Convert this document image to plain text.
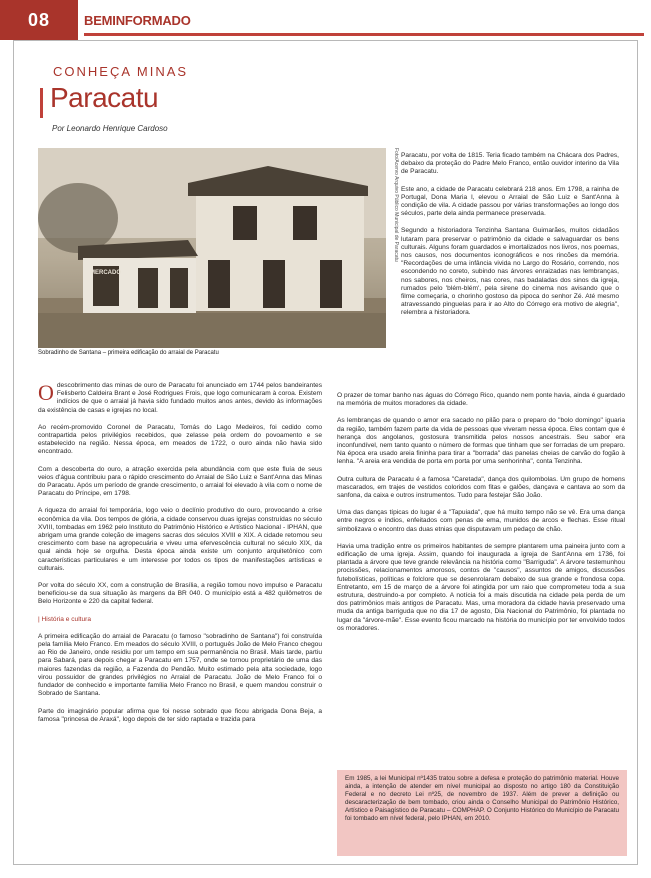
08	BEMINFORMADO
CONHEÇA MINAS
Paracatu
Por Leonardo Henrique Cardoso
MERCADO
Foto/Acervo Arquivo Público Municipal de Paracatu
Sobradinho de Santana – primeira edificação do arraial de Paracatu

Odescobrimento das minas de ouro de Paracatu foi anunciado em 1744 pelos bandeirantes Felisberto Caldeira Brant e José Rodrigues Frois, que logo comunicaram à coroa. Existem indícios de que o arraial já havia sido fundado muitos anos antes, devido às informações da existência de casas e igrejas no local.

Ao recém-promovido Coronel de Paracatu, Tomás do Lago Medeiros, foi cedido como contrapartida pelos privilégios recebidos, que zelasse pela ordem do povoamento e se estabelecido na região. Nessa época, em meados de 1722, o ouro ainda não havia sido encontrado.

Com a descoberta do ouro, a atração exercida pela abundância com que este fluía de seus veios d'água contribuiu para o rápido crescimento do Arraial de São Luiz e Sant'Anna das Minas do Paracatu. Após um período de grande crescimento, o arraial foi elevado à vila com o nome de Paracatu do Príncipe, em 1798.

A riqueza do arraial foi temporária, logo veio o declínio produtivo do ouro, provocando a crise econômica da vila. Dos tempos de glória, a cidade conservou duas igrejas construídas no século XVIII, tombadas em 1962 pelo Instituto do Patrimônio Histórico e Artístico Nacional - IPHAN, que abrigam uma grande coleção de imagens sacras dos séculos XVIII e XIX. A cidade retomou seu crescimento com base na agropecuária e viveu uma efervescência cultural no século XIX, da qual ainda hoje se orgulha. Desta época ainda existe um conjunto arquitetônico com características particulares e um interesse por todos os tipos de manifestações artísticas e culturais.

Por volta do século XX, com a construção de Brasília, a região tomou novo impulso e Paracatu beneficiou-se da sua situação às margens da BR 040. O município está a 482 quilômetros de Belo Horizonte e 220 da capital federal.

| História e cultura

A primeira edificação do arraial de Paracatu (o famoso "sobradinho de Santana") foi construída pela família Melo Franco. Em meados do século XVIII, o português João de Melo Franco chegou ao Rio de Janeiro, onde residiu por um tempo em sua permanência no Brasil. Mais tarde, partiu para Sabará, para depois chegar a Paracatu em 1757, onde se tornou proprietário de uma das maiores fazendas da região, a Fazenda do Pendão. Muito estimado pela alta sociedade, logo virou possuidor de grandes privilégios no Arraial de Paracatu. João de Melo Franco foi o fundador de conhecido e importante família Melo Franco no Brasil, e quem mandou construir o Sobrado de Santana.

Parte do imaginário popular afirma que foi nesse sobrado que ficou abrigada Dona Beja, a famosa "princesa de Araxá", logo depois de ter sido raptada e trazida para

Paracatu, por volta de 1815. Teria ficado também na Chácara dos Padres, debaixo da proteção do Padre Melo Franco, então ouvidor interino da Vila de Paracatu.

Este ano, a cidade de Paracatu celebrará 218 anos. Em 1798, a rainha de Portugal, Dona Maria I, elevou o Arraial de São Luiz e Sant'Anna à condição de vila. A cidade passou por várias transformações ao longo dos séculos, parte dela ainda permanece preservada.

Segundo a historiadora Tenzinha Santana Guimarães, muitos cidadãos lutaram para preservar o patrimônio da cidade e salvaguardar os bens culturais. Alguns foram guardados e imortalizados nos livros, nos poemas, nos causos, nos documentos iconográficos e nos rincões da memória. "Recordações de uma infância vivida no Largo do Rosário, correndo, nos escondendo no coreto, subindo nas árvores enraizadas nas lembranças, nos sabores, nos cheiros, nas cores, nas badaladas dos sinos da igreja, rumados pelo 'blém-blém', pela sirene do cinema nos avisando que o filme começaria, o chorinho gostoso da pipoca do senhor Zé. Até mesmo atravessando pinguelas para ir ao Alto do Córrego era motivo de alegria", relembra a historiadora.

O prazer de tomar banho nas águas do Córrego Rico, quando nem ponte havia, ainda é guardado na memória de muitos moradores da cidade.

As lembranças de quando o amor era sacado no pilão para o preparo do "bolo domingo" iguaria da região, também fazem parte da vida de pessoas que viveram nessa época. Eles contam que é herança dos angolanos, gostosura transmitida pelos nossos ancestrais. Seu sabor era inconfundível, nem tanto quanto o número de formas que tinham que ser forradas de um preparo. Na época era usado areia fininha para tirar a "borrada" das panelas cheias de carvão do fogão à lenha. "A areia era vendida de porta em porta por uma senhorinha", conta Tenzinha.

Outra cultura de Paracatu é a famosa "Caretada", dança dos quilombolas. Um grupo de homens mascarados, em trajes de vestidos coloridos com fitas e galões, dançava e cantava ao som da sanfona, da caixa e outros instrumentos. Tudo para festejar São João.

Uma das danças típicas do lugar é a "Tapuiada", que há muito tempo não se vê. Era uma dança entre negros e índios, enfeitados com penas de ema, munidos de arcos e flechas. Esse ritual simbolizava o encontro das duas etnias que disputavam um pedaço de chão.

Havia uma tradição entre os primeiros habitantes de sempre plantarem uma paineira junto com a edificação de uma igreja. Assim, quando foi inaugurada a igreja de Sant'Anna em 1736, foi plantada a árvore que teve grande relevância na história como "Barriguda". A árvore testemunhou procissões, relacionamentos amorosos, contos de "causos", assuntos de amigos, discussões futebolísticas, políticas e folclore que se desenrolaram debaixo de sua grande e frondosa copa. Entretanto, em 15 de março de a árvore foi atingida por um raio que comprometeu toda a sua estrutura, destruindo-a por completo. A notícia foi a mais discutida na cidade pela perda de um dos patrimônios mais antigos de Paracatu. Mas, uma moradora da cidade havia preservado uma muda da antiga barriguda que no dia 17 de agosto, Dia Nacional do Patrimônio, foi plantada no lugar da "árvore-mãe". Esse evento ficou marcado na história do município por ter envolvido todos os moradores.

Em 1985, a lei Municipal nº1435 tratou sobre a defesa e proteção do patrimônio material. Houve ainda, a intenção de atender em nível municipal ao disposto no artigo 180 da Constituição Federal e no decreto Lei nº25, de novembro de 1937. Além de prever a definição ou descaracterização de bem tombado, criou ainda o Conselho Municipal do Patrimônio Histórico, Artístico e Paisagístico de Paracatu – COMPHAP. O Conjunto Histórico do Município de Paracatu foi tombado em nível federal, pelo IPHAN, em 2010.
